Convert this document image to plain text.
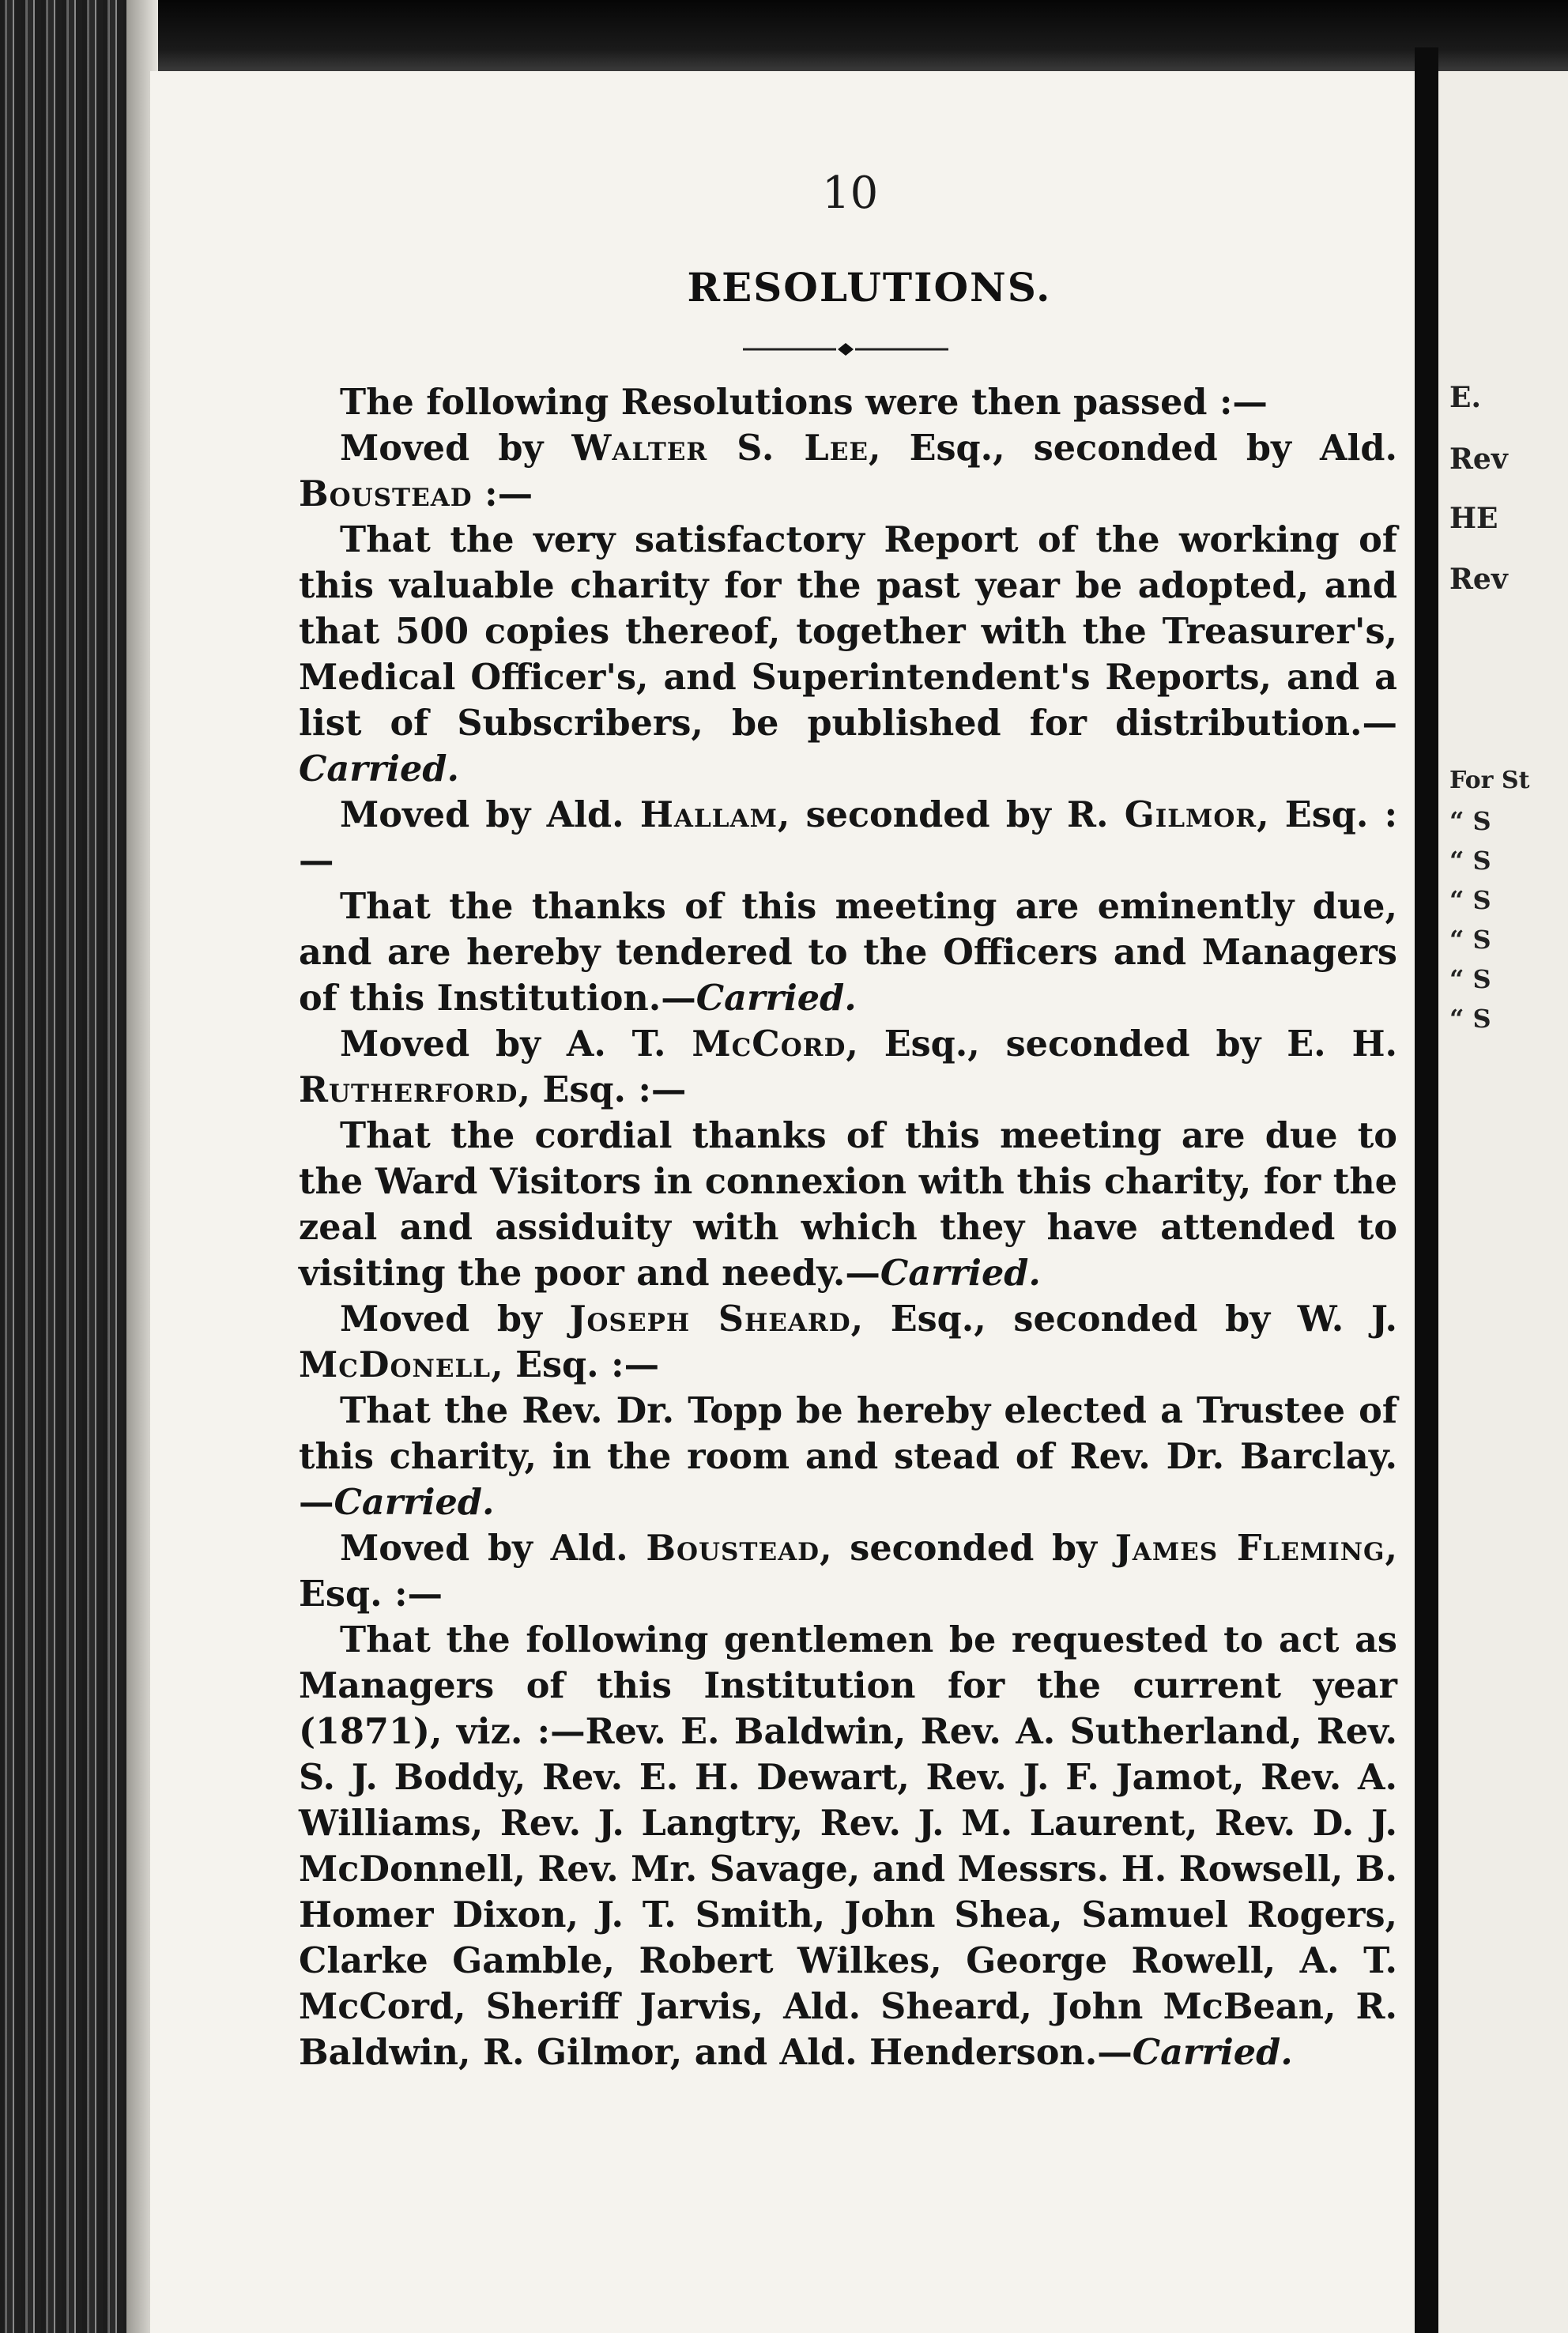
E.
Rev
HE
Rev
For St
“ S
“ S
“ S
“ S
“ S
“ S
10
RESOLUTIONS.

The following Resolutions were then passed :—

Moved by Walter S. Lee, Esq., seconded by Ald. Boustead :—

That the very satisfactory Report of the working of this valuable charity for the past year be adopted, and that 500 copies thereof, together with the Treasurer's, Medical Officer's, and Superintendent's Reports, and a list of Subscribers, be published for distribution.—Carried.

Moved by Ald. Hallam, seconded by R. Gilmor, Esq. :—

That the thanks of this meeting are eminently due, and are hereby tendered to the Officers and Managers of this Institution.—Carried.

Moved by A. T. McCord, Esq., seconded by E. H. Rutherford, Esq. :—

That the cordial thanks of this meeting are due to the Ward Visitors in connexion with this charity, for the zeal and assiduity with which they have attended to visiting the poor and needy.—Carried.

Moved by Joseph Sheard, Esq., seconded by W. J. McDonell, Esq. :—

That the Rev. Dr. Topp be hereby elected a Trustee of this charity, in the room and stead of Rev. Dr. Barclay.—Carried.

Moved by Ald. Boustead, seconded by James Fleming, Esq. :—

That the following gentlemen be requested to act as Managers of this Institution for the current year (1871), viz. :—Rev. E. Baldwin, Rev. A. Sutherland, Rev. S. J. Boddy, Rev. E. H. Dewart, Rev. J. F. Jamot, Rev. A. Williams, Rev. J. Langtry, Rev. J. M. Laurent, Rev. D. J. McDonnell, Rev. Mr. Savage, and Messrs. H. Rowsell, B. Homer Dixon, J. T. Smith, John Shea, Samuel Rogers, Clarke Gamble, Robert Wilkes, George Rowell, A. T. McCord, Sheriff Jarvis, Ald. Sheard, John McBean, R. Baldwin, R. Gilmor, and Ald. Henderson.—Carried.
